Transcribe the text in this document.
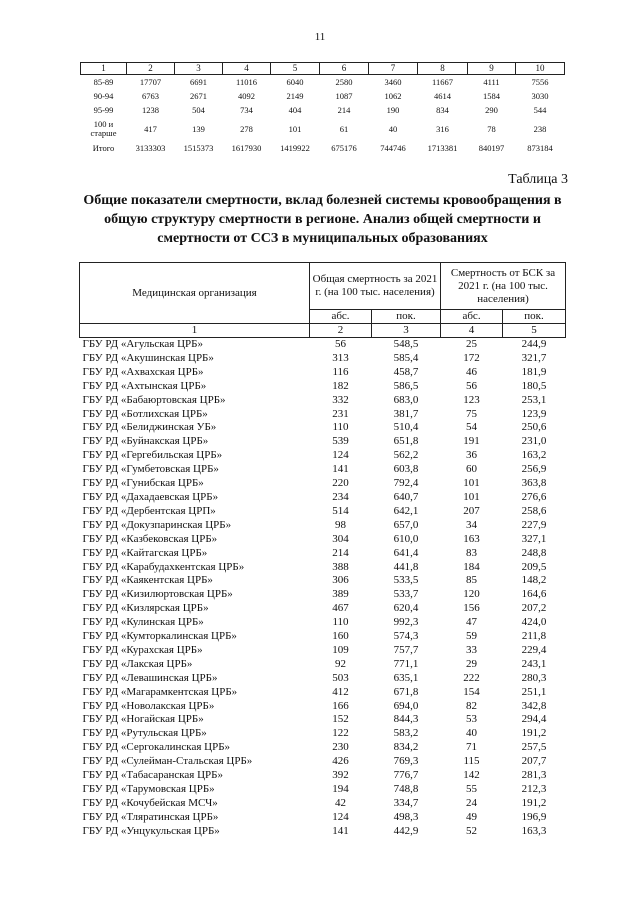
11
1	2	3	4	5	6	7	8	9	10
85-89	17707	6691	11016	6040	2580	3460	11667	4111	7556
90-94	6763	2671	4092	2149	1087	1062	4614	1584	3030
95-99	1238	504	734	404	214	190	834	290	544
100 и старше	417	139	278	101	61	40	316	78	238
Итого	3133303	1515373	1617930	1419922	675176	744746	1713381	840197	873184
Таблица 3
Общие показатели смертности, вклад болезней системы кровообращения в общую структуру смертности в регионе. Анализ общей смертности и смертности от ССЗ в муниципальных образованиях
Медицинская организация	Общая смертность за 2021 г. (на 100 тыс. населения)		Смертность от БСК за 2021 г. (на 100 тыс. населения)	
	абс.	пок.	абс.	пок.
1	2	3	4	5
ГБУ РД «Агульская ЦРБ»	56	548,5	25	244,9
ГБУ РД «Акушинская ЦРБ»	313	585,4	172	321,7
ГБУ РД «Ахвахская ЦРБ»	116	458,7	46	181,9
ГБУ РД «Ахтынская ЦРБ»	182	586,5	56	180,5
ГБУ РД «Бабаюртовская ЦРБ»	332	683,0	123	253,1
ГБУ РД «Ботлихская ЦРБ»	231	381,7	75	123,9
ГБУ РД «Белиджинская УБ»	110	510,4	54	250,6
ГБУ РД «Буйнакская ЦРБ»	539	651,8	191	231,0
ГБУ РД «Гергебильская ЦРБ»	124	562,2	36	163,2
ГБУ РД «Гумбетовская ЦРБ»	141	603,8	60	256,9
ГБУ РД «Гунибская ЦРБ»	220	792,4	101	363,8
ГБУ РД «Дахадаевская ЦРБ»	234	640,7	101	276,6
ГБУ РД «Дербентская ЦРП»	514	642,1	207	258,6
ГБУ РД «Докузпаринская ЦРБ»	98	657,0	34	227,9
ГБУ РД «Казбековская ЦРБ»	304	610,0	163	327,1
ГБУ РД «Кайтагская ЦРБ»	214	641,4	83	248,8
ГБУ РД «Карабудахкентская ЦРБ»	388	441,8	184	209,5
ГБУ РД «Каякентская ЦРБ»	306	533,5	85	148,2
ГБУ РД «Кизилюртовская ЦРБ»	389	533,7	120	164,6
ГБУ РД «Кизлярская ЦРБ»	467	620,4	156	207,2
ГБУ РД «Кулинская ЦРБ»	110	992,3	47	424,0
ГБУ РД «Кумторкалинская ЦРБ»	160	574,3	59	211,8
ГБУ РД «Курахская ЦРБ»	109	757,7	33	229,4
ГБУ РД «Лакская ЦРБ»	92	771,1	29	243,1
ГБУ РД «Левашинская ЦРБ»	503	635,1	222	280,3
ГБУ РД «Магарамкентская ЦРБ»	412	671,8	154	251,1
ГБУ РД «Новолакская ЦРБ»	166	694,0	82	342,8
ГБУ РД «Ногайская ЦРБ»	152	844,3	53	294,4
ГБУ РД «Рутульская ЦРБ»	122	583,2	40	191,2
ГБУ РД «Сергокалинская ЦРБ»	230	834,2	71	257,5
ГБУ РД «Сулейман-Стальская ЦРБ»	426	769,3	115	207,7
ГБУ РД «Табасаранская ЦРБ»	392	776,7	142	281,3
ГБУ РД «Тарумовская ЦРБ»	194	748,8	55	212,3
ГБУ РД «Кочубейская МСЧ»	42	334,7	24	191,2
ГБУ РД «Тляратинская ЦРБ»	124	498,3	49	196,9
ГБУ РД «Унцукульская ЦРБ»	141	442,9	52	163,3
